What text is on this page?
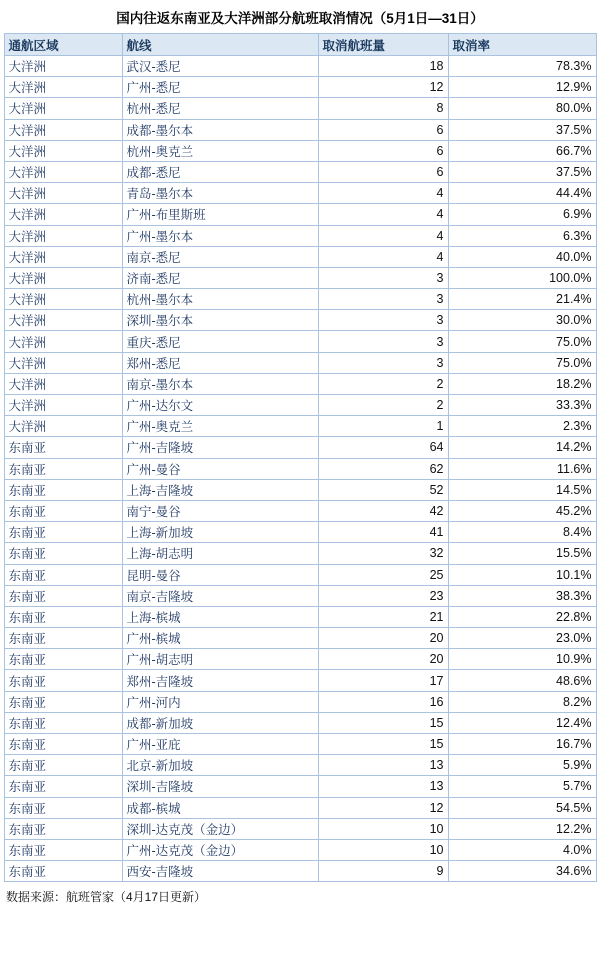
国内往返东南亚及大洋洲部分航班取消情况（5月1日—31日）
通航区域	航线	取消航班量	取消率
大洋洲	武汉-悉尼	18	78.3%
大洋洲	广州-悉尼	12	12.9%
大洋洲	杭州-悉尼	8	80.0%
大洋洲	成都-墨尔本	6	37.5%
大洋洲	杭州-奥克兰	6	66.7%
大洋洲	成都-悉尼	6	37.5%
大洋洲	青岛-墨尔本	4	44.4%
大洋洲	广州-布里斯班	4	6.9%
大洋洲	广州-墨尔本	4	6.3%
大洋洲	南京-悉尼	4	40.0%
大洋洲	济南-悉尼	3	100.0%
大洋洲	杭州-墨尔本	3	21.4%
大洋洲	深圳-墨尔本	3	30.0%
大洋洲	重庆-悉尼	3	75.0%
大洋洲	郑州-悉尼	3	75.0%
大洋洲	南京-墨尔本	2	18.2%
大洋洲	广州-达尔文	2	33.3%
大洋洲	广州-奥克兰	1	2.3%
东南亚	广州-吉隆坡	64	14.2%
东南亚	广州-曼谷	62	11.6%
东南亚	上海-吉隆坡	52	14.5%
东南亚	南宁-曼谷	42	45.2%
东南亚	上海-新加坡	41	8.4%
东南亚	上海-胡志明	32	15.5%
东南亚	昆明-曼谷	25	10.1%
东南亚	南京-吉隆坡	23	38.3%
东南亚	上海-槟城	21	22.8%
东南亚	广州-槟城	20	23.0%
东南亚	广州-胡志明	20	10.9%
东南亚	郑州-吉隆坡	17	48.6%
东南亚	广州-河内	16	8.2%
东南亚	成都-新加坡	15	12.4%
东南亚	广州-亚庇	15	16.7%
东南亚	北京-新加坡	13	5.9%
东南亚	深圳-吉隆坡	13	5.7%
东南亚	成都-槟城	12	54.5%
东南亚	深圳-达克茂（金边）	10	12.2%
东南亚	广州-达克茂（金边）	10	4.0%
东南亚	西安-吉隆坡	9	34.6%
数据来源：航班管家（4月17日更新）
